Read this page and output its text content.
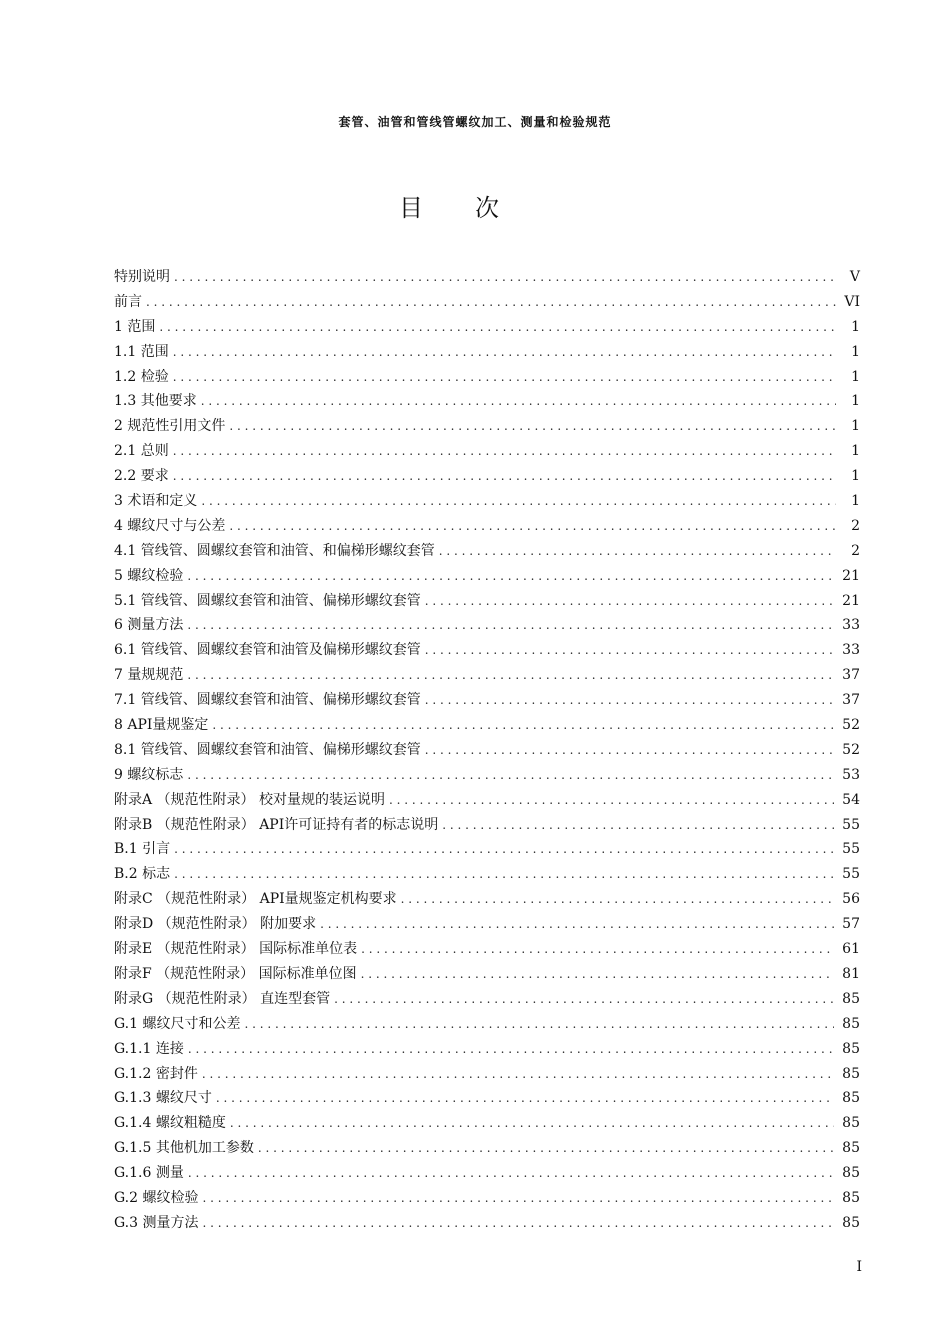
套管、油管和管线管螺纹加工、测量和检验规范
目次
特别说明 . . .	V
前言 . . .	VI
1 范围 . . .	1
1.1 范围 . . .	1
1.2 检验 . . .	1
1.3 其他要求 . . .	1
2 规范性引用文件 . . .	1
2.1 总则 . . .	1
2.2 要求 . . .	1
3 术语和定义 . . .	1
4 螺纹尺寸与公差 . . .	2
4.1 管线管、圆螺纹套管和油管、和偏梯形螺纹套管 . . .	2
5 螺纹检验 . . .	21
5.1 管线管、圆螺纹套管和油管、偏梯形螺纹套管 . . .	21
6 测量方法 . . .	33
6.1 管线管、圆螺纹套管和油管及偏梯形螺纹套管 . . .	33
7 量规规范 . . .	37
7.1 管线管、圆螺纹套管和油管、偏梯形螺纹套管 . . .	37
8 API量规鉴定 . . .	52
8.1 管线管、圆螺纹套管和油管、偏梯形螺纹套管 . . .	52
9 螺纹标志 . . .	53
附录A （规范性附录） 校对量规的装运说明 . . .	54
附录B （规范性附录） API许可证持有者的标志说明 . . .	55
B.1 引言 . . .	55
B.2 标志 . . .	55
附录C （规范性附录） API量规鉴定机构要求 . . .	56
附录D （规范性附录） 附加要求 . . .	57
附录E （规范性附录） 国际标准单位表 . . .	61
附录F （规范性附录） 国际标准单位图 . . .	81
附录G （规范性附录） 直连型套管 . . .	85
G.1 螺纹尺寸和公差 . . .	85
G.1.1 连接 . . .	85
G.1.2 密封件 . . .	85
G.1.3 螺纹尺寸 . . .	85
G.1.4 螺纹粗糙度 . . .	85
G.1.5 其他机加工参数 . . .	85
G.1.6 测量 . . .	85
G.2 螺纹检验 . . .	85
G.3 测量方法 . . .	85
I
